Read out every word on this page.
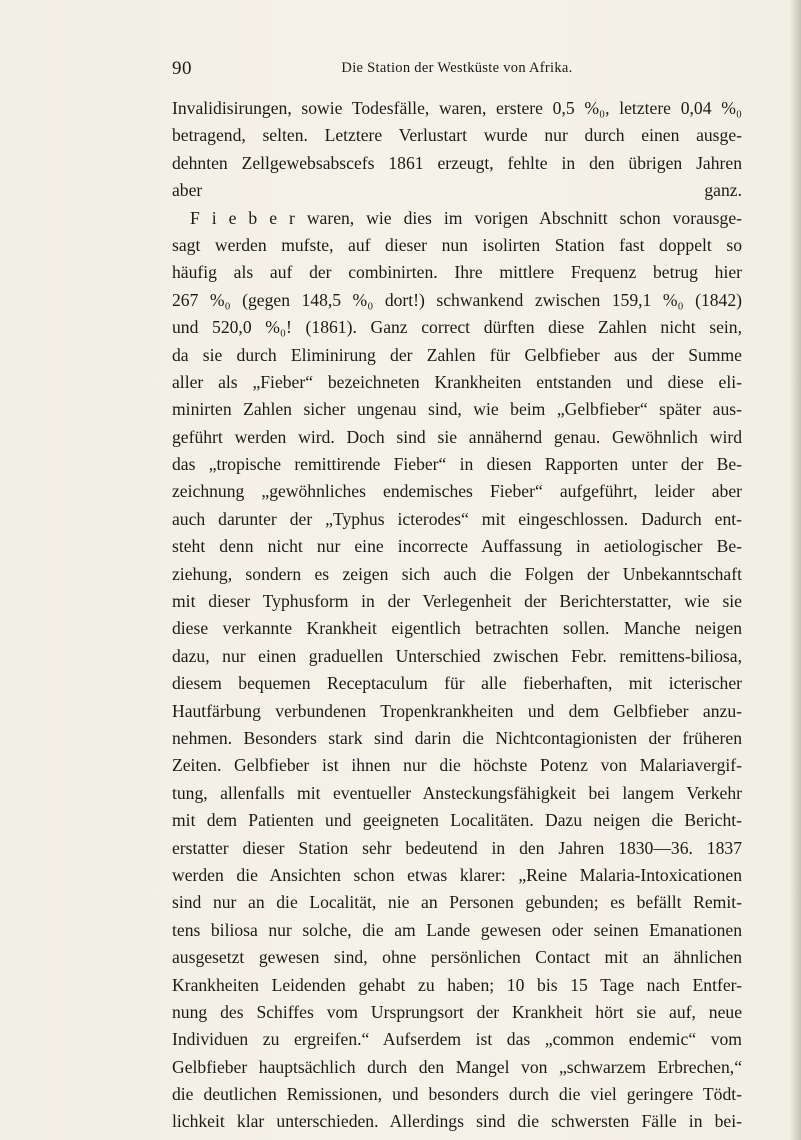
90	Die Station der Westküste von Afrika.
Invalidisirungen, sowie Todesfälle, waren, erstere 0,5 %₀, letztere 0,04 %₀
betragend, selten. Letztere Verlustart wurde nur durch einen ausge-
dehnten Zellgewebsabscefs 1861 erzeugt, fehlte in den übrigen Jahren
aber ganz.
F i e b e r waren, wie dies im vorigen Abschnitt schon vorausge-
sagt werden mufste, auf dieser nun isolirten Station fast doppelt so
häufig als auf der combinirten. Ihre mittlere Frequenz betrug hier
267 %₀ (gegen 148,5 %₀ dort!) schwankend zwischen 159,1 %₀ (1842)
und 520,0 %₀! (1861). Ganz correct dürften diese Zahlen nicht sein,
da sie durch Eliminirung der Zahlen für Gelbfieber aus der Summe
aller als „Fieber“ bezeichneten Krankheiten entstanden und diese eli-
minirten Zahlen sicher ungenau sind, wie beim „Gelbfieber“ später aus-
geführt werden wird. Doch sind sie annähernd genau. Gewöhnlich wird
das „tropische remittirende Fieber“ in diesen Rapporten unter der Be-
zeichnung „gewöhnliches endemisches Fieber“ aufgeführt, leider aber
auch darunter der „Typhus icterodes“ mit eingeschlossen. Dadurch ent-
steht denn nicht nur eine incorrecte Auffassung in aetiologischer Be-
ziehung, sondern es zeigen sich auch die Folgen der Unbekanntschaft
mit dieser Typhusform in der Verlegenheit der Berichterstatter, wie sie
diese verkannte Krankheit eigentlich betrachten sollen. Manche neigen
dazu, nur einen graduellen Unterschied zwischen Febr. remittens-biliosa,
diesem bequemen Receptaculum für alle fieberhaften, mit icterischer
Hautfärbung verbundenen Tropenkrankheiten und dem Gelbfieber anzu-
nehmen. Besonders stark sind darin die Nichtcontagionisten der früheren
Zeiten. Gelbfieber ist ihnen nur die höchste Potenz von Malariavergif-
tung, allenfalls mit eventueller Ansteckungsfähigkeit bei langem Verkehr
mit dem Patienten und geeigneten Localitäten. Dazu neigen die Bericht-
erstatter dieser Station sehr bedeutend in den Jahren 1830—36. 1837
werden die Ansichten schon etwas klarer: „Reine Malaria-Intoxicationen
sind nur an die Localität, nie an Personen gebunden; es befällt Remit-
tens biliosa nur solche, die am Lande gewesen oder seinen Emanationen
ausgesetzt gewesen sind, ohne persönlichen Contact mit an ähnlichen
Krankheiten Leidenden gehabt zu haben; 10 bis 15 Tage nach Entfer-
nung des Schiffes vom Ursprungsort der Krankheit hört sie auf, neue
Individuen zu ergreifen.“ Aufserdem ist das „common endemic“ vom
Gelbfieber hauptsächlich durch den Mangel von „schwarzem Erbrechen,“
die deutlichen Remissionen, und besonders durch die viel geringere Tödt-
lichkeit klar unterschieden. Allerdings sind die schwersten Fälle in bei-
